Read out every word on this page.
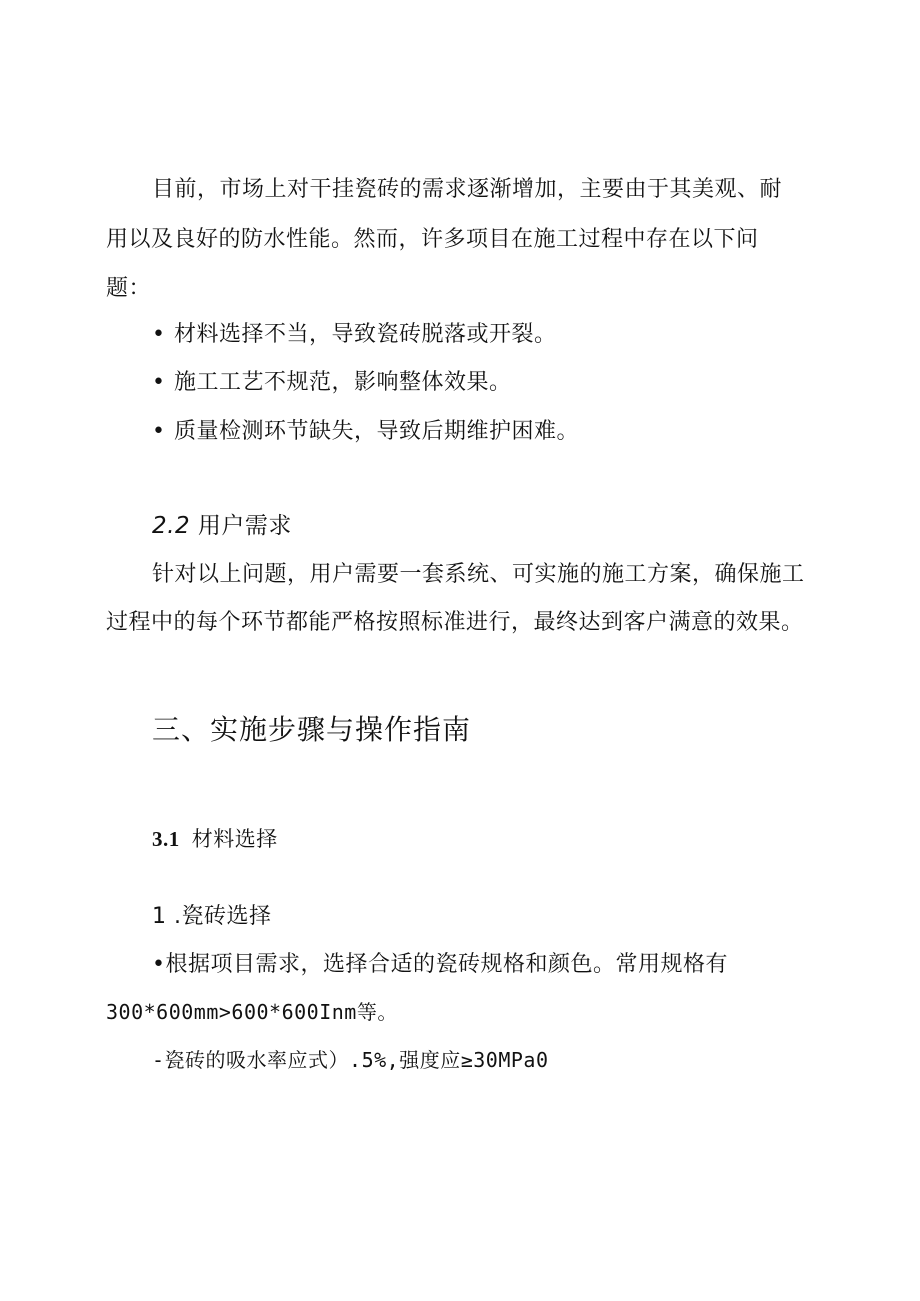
目前，市场上对干挂瓷砖的需求逐渐增加，主要由于其美观、耐
用以及良好的防水性能。然而，许多项目在施工过程中存在以下问
题：
• 材料选择不当，导致瓷砖脱落或开裂。
• 施工工艺不规范，影响整体效果。
• 质量检测环节缺失，导致后期维护困难。
2.2 用户需求
针对以上问题，用户需要一套系统、可实施的施工方案，确保施工
过程中的每个环节都能严格按照标准进行，最终达到客户满意的效果。
三、实施步骤与操作指南
3.1 材料选择
1 .瓷砖选择
•根据项目需求，选择合适的瓷砖规格和颜色。常用规格有
300*600mm>600*600Inm等。
-瓷砖的吸水率应式）.5%,强度应≥30MPa0
